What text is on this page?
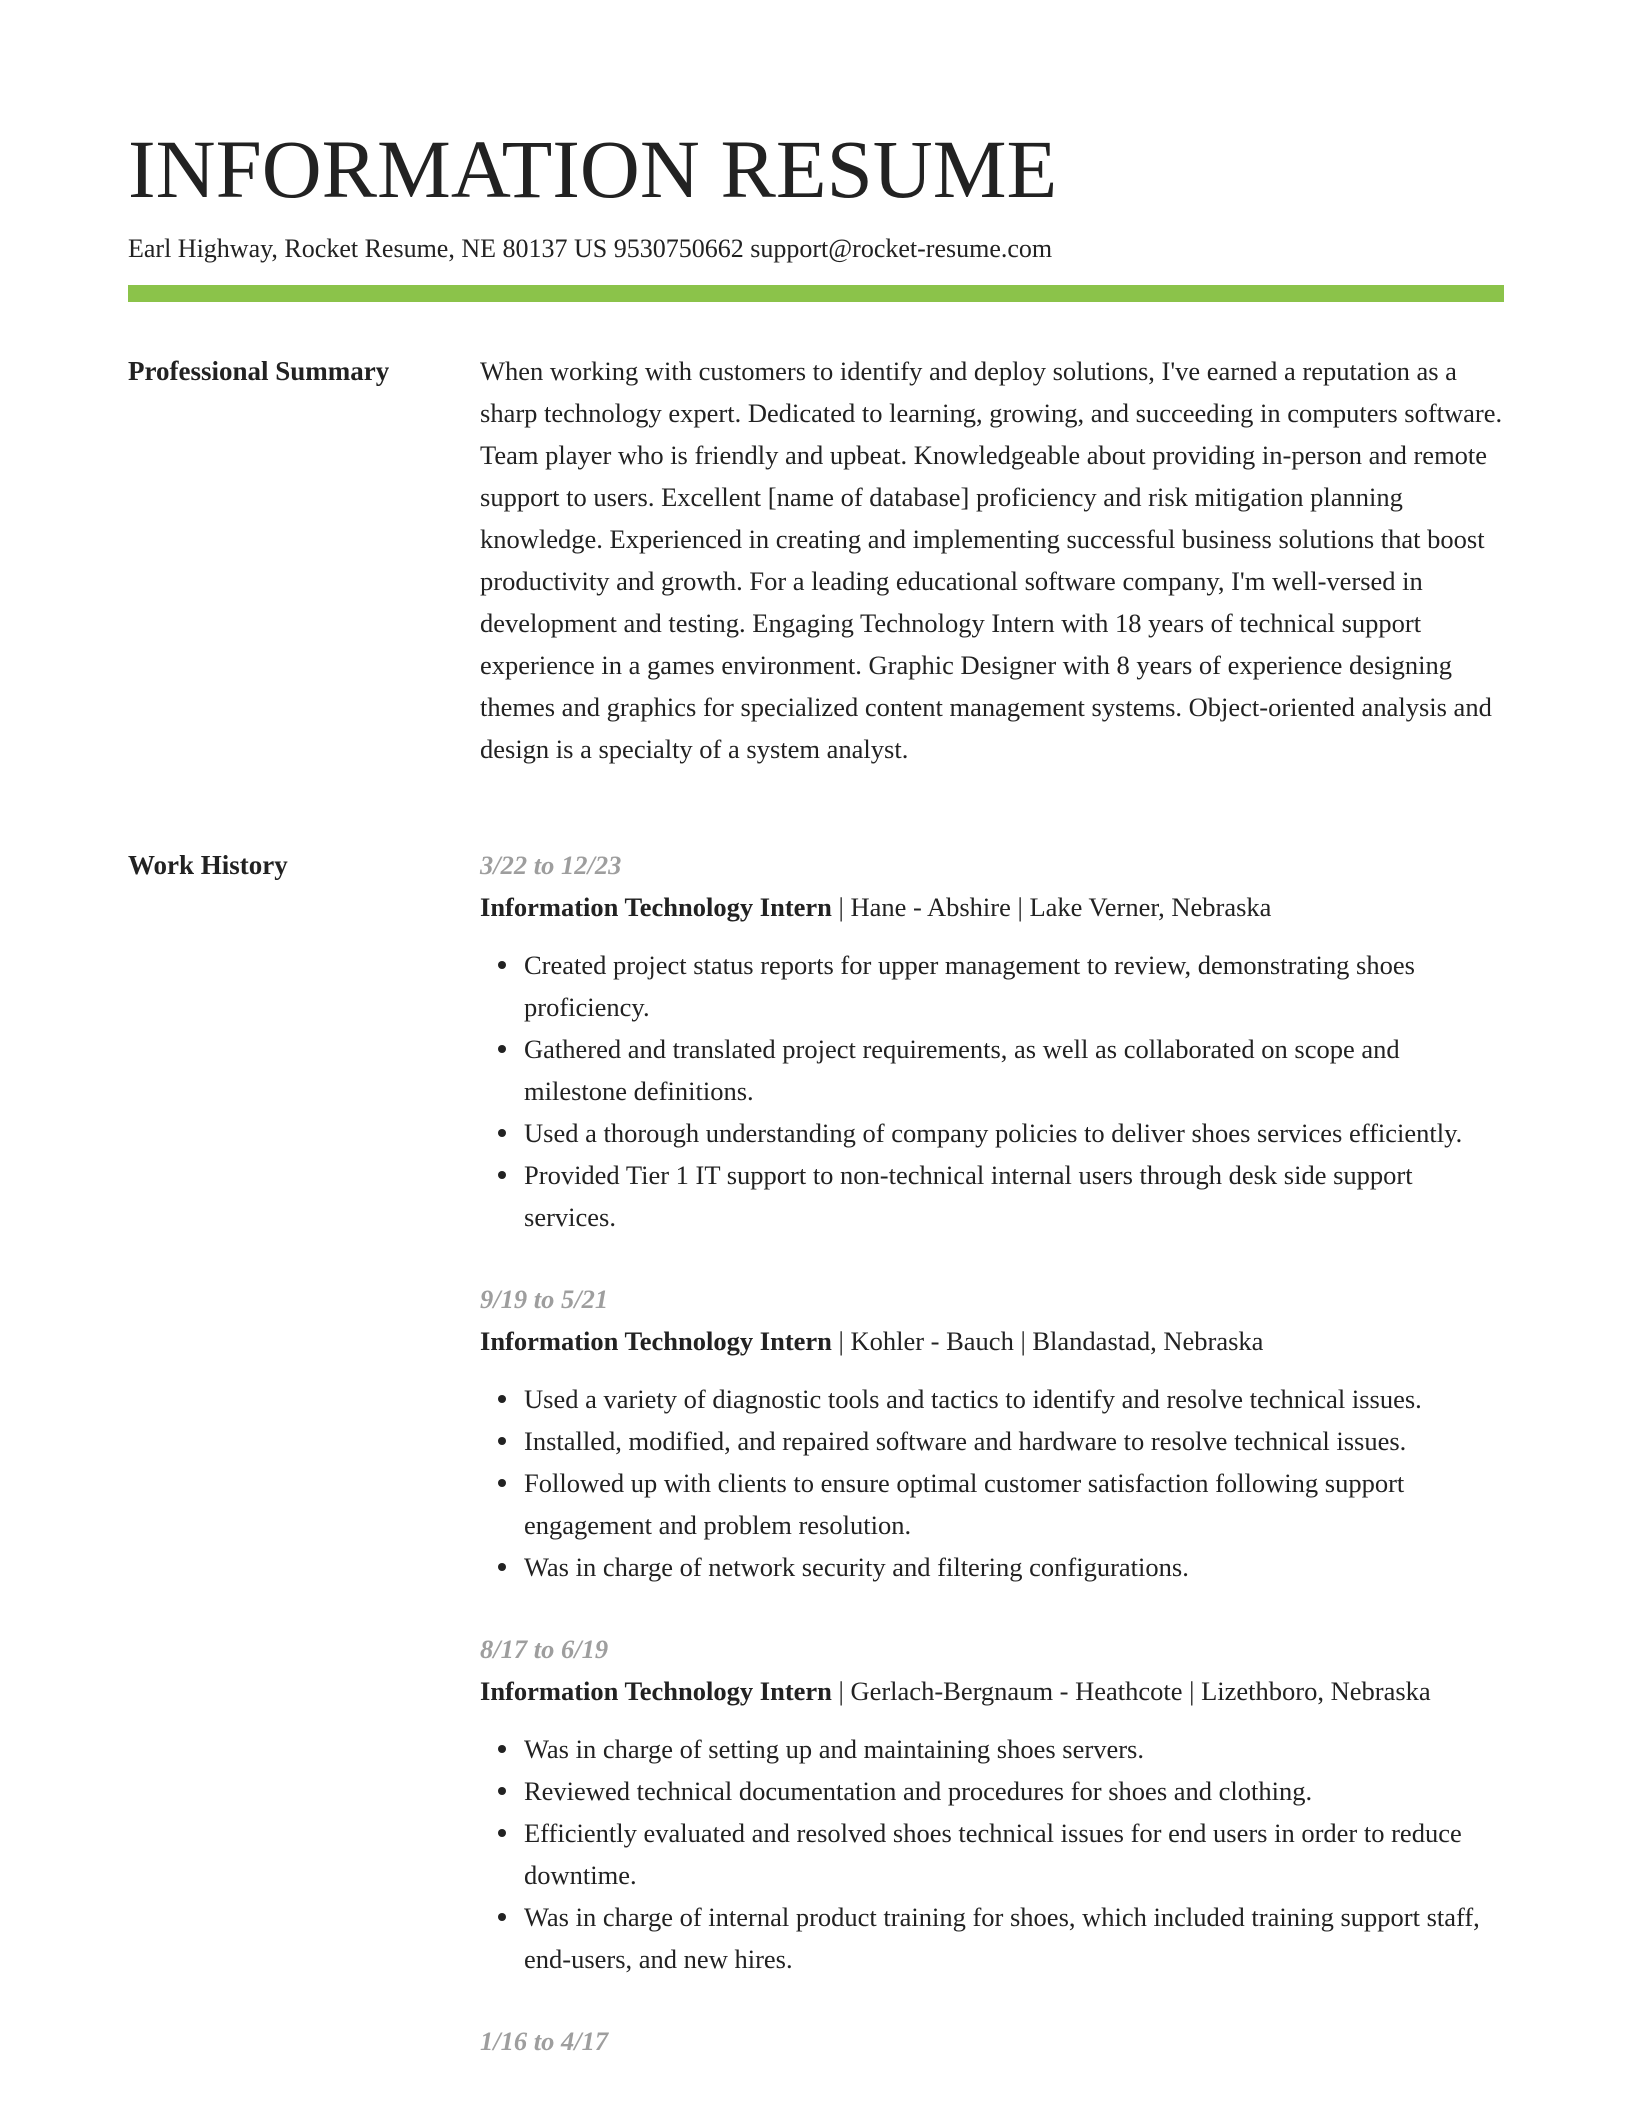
INFORMATION RESUME
Earl Highway, Rocket Resume, NE 80137 US 9530750662 support@rocket-resume.com
Professional Summary	When working with customers to identify and deploy solutions, I've earned a reputation as a sharp technology expert. Dedicated to learning, growing, and succeeding in computers software. Team player who is friendly and upbeat. Knowledgeable about providing in-person and remote support to users. Excellent [name of database] proficiency and risk mitigation planning knowledge. Experienced in creating and implementing successful business solutions that boost productivity and growth. For a leading educational software company, I'm well-versed in development and testing. Engaging Technology Intern with 18 years of technical support experience in a games environment. Graphic Designer with 8 years of experience designing themes and graphics for specialized content management systems. Object-oriented analysis and design is a specialty of a system analyst.

Work History	3/22 to 12/23
Information Technology Intern | Hane - Abshire | Lake Verner, Nebraska
Created project status reports for upper management to review, demonstrating shoes proficiency.
Gathered and translated project requirements, as well as collaborated on scope and milestone definitions.
Used a thorough understanding of company policies to deliver shoes services efficiently.
Provided Tier 1 IT support to non-technical internal users through desk side support services.
9/19 to 5/21
Information Technology Intern | Kohler - Bauch | Blandastad, Nebraska
Used a variety of diagnostic tools and tactics to identify and resolve technical issues.
Installed, modified, and repaired software and hardware to resolve technical issues.
Followed up with clients to ensure optimal customer satisfaction following support engagement and problem resolution.
Was in charge of network security and filtering configurations.
8/17 to 6/19
Information Technology Intern | Gerlach-Bergnaum - Heathcote | Lizethboro, Nebraska
Was in charge of setting up and maintaining shoes servers.
Reviewed technical documentation and procedures for shoes and clothing.
Efficiently evaluated and resolved shoes technical issues for end users in order to reduce downtime.
Was in charge of internal product training for shoes, which included training support staff, end-users, and new hires.
1/16 to 4/17
